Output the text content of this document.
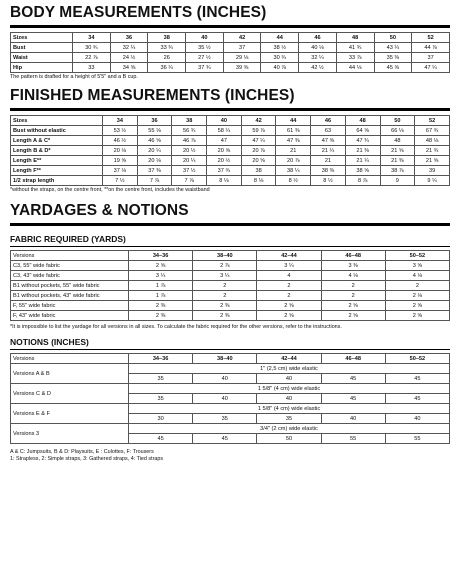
BODY MEASUREMENTS (INCHES)
Sizes	34	36	38	40	42	44	46	48	50	52
Bust	30 ¾	32 ¼	33 ¾	35 ½	37	38 ½	40 ⅛	41 ¾	43 ¼	44 ⅞
Waist	22 ⅞	24 ½	26	27 ½	29 ⅛	30 ¾	32 ¼	33 ⅞	35 ⅜	37
Hip	33	34 ⅝	36 ¼	37 ¾	39 ⅜	40 ⅞	42 ½	44 ⅛	45 ⅝	47 ¼
The pattern is drafted for a height of 5'5" and a B cup.
FINISHED MEASUREMENTS (INCHES)
Sizes	34	36	38	40	42	44	46	48	50	52
Bust without elastic	53 ½	55 ⅛	56 ¾	58 ¼	59 ⅞	61 ⅜	63	64 ⅝	66 ⅛	67 ¾
Length A & C*	46 ½	46 ⅝	46 ⅞	47	47 ¼	47 ⅜	47 ⅝	47 ¾	48	48 ⅛
Length B & D*	20 ⅛	20 ¼	20 ½	20 ⅝	20 ⅞	21	21 ¼	21 ⅜	21 ⅝	21 ¾
Length E**	19 ⅝	20 ⅛	20 ¼	20 ½	20 ⅝	20 ⅞	21	21 ¼	21 ⅜	21 ⅝
Length F**	37 ⅛	37 ⅜	37 ½	37 ¾	38	38 ¼	38 ⅜	38 ⅝	38 ⅞	39
1/2 strap length	7 ½	7 ⅞	7 ⅞	8 ⅛	8 ⅛	8 ½	8 ½	8 ⅞	9	9 ¼
*without the straps, on the centre front, **on the centre front, includes the waistband
YARDAGES & NOTIONS
FABRIC REQUIRED (YARDS)
Versions	34–36	38–40	42–44	46–48	50–52
C3, 55" wide fabric	2 ⅝	2 ⅞	3 ¼	3 ⅜	3 ⅝
C3, 43" wide fabric	3 ¼	3 ¼	4	4 ⅛	4 ⅛
B1 without pockets, 55" wide fabric	1 ⅞	2	2	2	2
B1 without pockets, 43" wide fabric	1 ⅞	2	2	2	2 ⅛
F, 55" wide fabric	2 ⅜	2 ⅜	2 ⅝	2 ⅝	2 ⅝
F, 43" wide fabric	2 ⅜	2 ⅜	2 ⅝	2 ⅝	2 ⅝
*It is impossible to list the yardage for all versions in all sizes. To calculate the fabric required for the other versions, refer to the instructions.
NOTIONS (INCHES)
Versions	34–36	38–40	42–44	46–48	50–52
Versions A & B	1" (2,5 cm) wide elastic				
	35	40	40	45	45
Versions C & D	1 5/8" (4 cm) wide elastic				
	35	40	40	45	45
Versions E & F	1 5/8" (4 cm) wide elastic				
	30	35	35	40	40
Versions 3	3/4" (2 cm) wide elastic				
	45	45	50	55	55
A & C: Jumpsuits, B & D: Playsuits, E : Culottes, F: Trousers
1: Strapless, 2: Simple straps, 3: Gathered straps, 4: Tied straps
